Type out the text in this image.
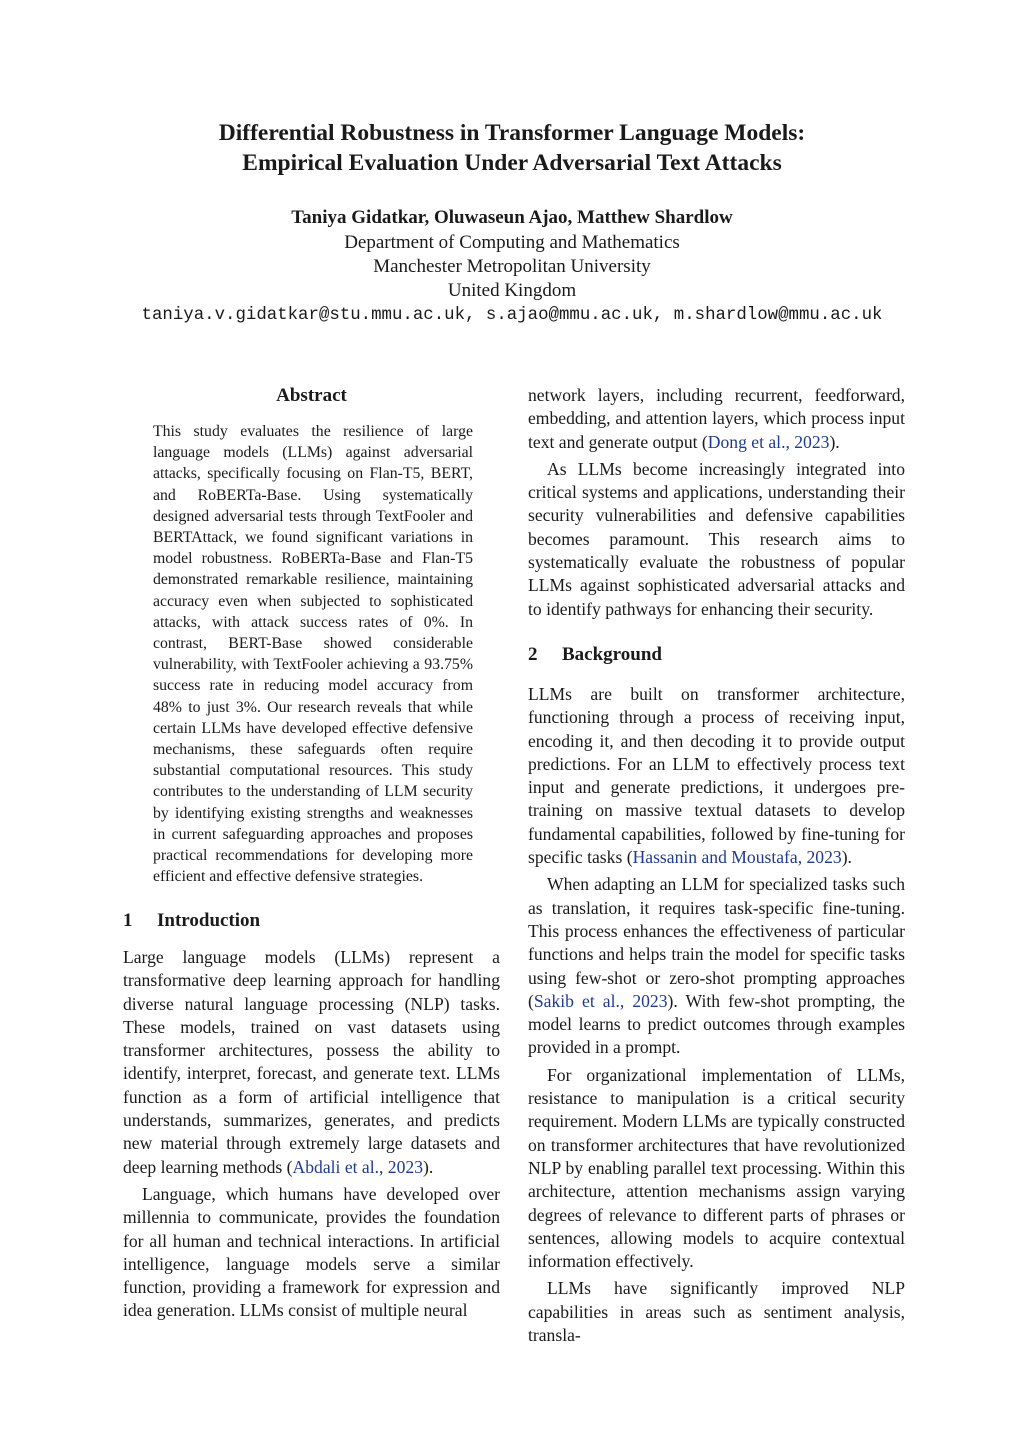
Differential Robustness in Transformer Language Models:
Empirical Evaluation Under Adversarial Text Attacks
Taniya Gidatkar, Oluwaseun Ajao, Matthew Shardlow
Department of Computing and Mathematics
Manchester Metropolitan University
United Kingdom
taniya.v.gidatkar@stu.mmu.ac.uk, s.ajao@mmu.ac.uk, m.shardlow@mmu.ac.uk
Abstract
This study evaluates the resilience of large language models (LLMs) against adversarial attacks, specifically focusing on Flan-T5, BERT, and RoBERTa-Base. Using systematically designed adversarial tests through TextFooler and BERTAttack, we found significant variations in model robustness. RoBERTa-Base and Flan-T5 demonstrated remarkable resilience, maintaining accuracy even when subjected to sophisticated attacks, with attack success rates of 0%. In contrast, BERT-Base showed considerable vulnerability, with TextFooler achieving a 93.75% success rate in reducing model accuracy from 48% to just 3%. Our research reveals that while certain LLMs have developed effective defensive mechanisms, these safeguards often require substantial computational resources. This study contributes to the understanding of LLM security by identifying existing strengths and weaknesses in current safeguarding approaches and proposes practical recommendations for developing more efficient and effective defensive strategies.
1 Introduction

Large language models (LLMs) represent a transformative deep learning approach for handling diverse natural language processing (NLP) tasks. These models, trained on vast datasets using transformer architectures, possess the ability to identify, interpret, forecast, and generate text. LLMs function as a form of artificial intelligence that understands, summarizes, generates, and predicts new material through extremely large datasets and deep learning methods (Abdali et al., 2023).

Language, which humans have developed over millennia to communicate, provides the foundation for all human and technical interactions. In artificial intelligence, language models serve a similar function, providing a framework for expression and idea generation. LLMs consist of multiple neural

network layers, including recurrent, feedforward, embedding, and attention layers, which process input text and generate output (Dong et al., 2023).

As LLMs become increasingly integrated into critical systems and applications, understanding their security vulnerabilities and defensive capabilities becomes paramount. This research aims to systematically evaluate the robustness of popular LLMs against sophisticated adversarial attacks and to identify pathways for enhancing their security.

2 Background

LLMs are built on transformer architecture, functioning through a process of receiving input, encoding it, and then decoding it to provide output predictions. For an LLM to effectively process text input and generate predictions, it undergoes pre-training on massive textual datasets to develop fundamental capabilities, followed by fine-tuning for specific tasks (Hassanin and Moustafa, 2023).

When adapting an LLM for specialized tasks such as translation, it requires task-specific fine-tuning. This process enhances the effectiveness of particular functions and helps train the model for specific tasks using few-shot or zero-shot prompting approaches (Sakib et al., 2023). With few-shot prompting, the model learns to predict outcomes through examples provided in a prompt.

For organizational implementation of LLMs, resistance to manipulation is a critical security requirement. Modern LLMs are typically constructed on transformer architectures that have revolutionized NLP by enabling parallel text processing. Within this architecture, attention mechanisms assign varying degrees of relevance to different parts of phrases or sentences, allowing models to acquire contextual information effectively.

LLMs have significantly improved NLP capabilities in areas such as sentiment analysis, transla-
